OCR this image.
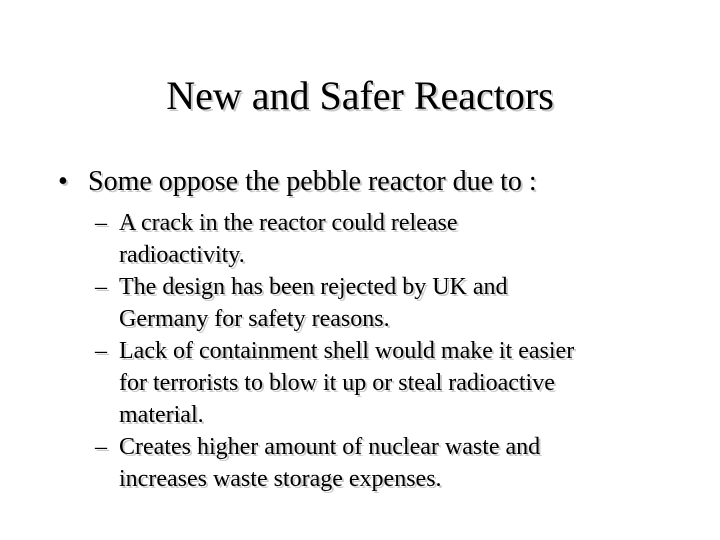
New and Safer Reactors
• Some oppose the pebble reactor due to :
– A crack in the reactor could release
radioactivity.
– The design has been rejected by UK and
Germany for safety reasons.
– Lack of containment shell would make it easier
for terrorists to blow it up or steal radioactive
material.
– Creates higher amount of nuclear waste and
increases waste storage expenses.
